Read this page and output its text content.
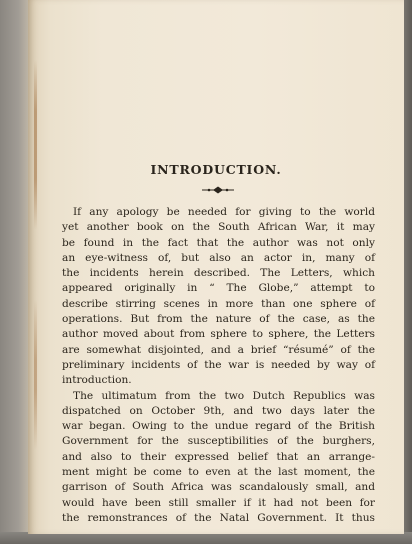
INTRODUCTION.

If any apology be needed for giving to the world
yet another book on the South African War, it may
be found in the fact that the author was not only
an eye-witness of, but also an actor in, many of
the incidents herein described. The Letters, which
appeared originally in “ The Globe,” attempt to
describe stirring scenes in more than one sphere of
operations. But from the nature of the case, as the
author moved about from sphere to sphere, the Letters
are somewhat disjointed, and a brief “résumé” of the
preliminary incidents of the war is needed by way of
introduction.

The ultimatum from the two Dutch Republics was
dispatched on October 9th, and two days later the
war began. Owing to the undue regard of the British
Government for the susceptibilities of the burghers,
and also to their expressed belief that an arrange-
ment might be come to even at the last moment, the
garrison of South Africa was scandalously small, and
would have been still smaller if it had not been for
the remonstrances of the Natal Government. It thus
